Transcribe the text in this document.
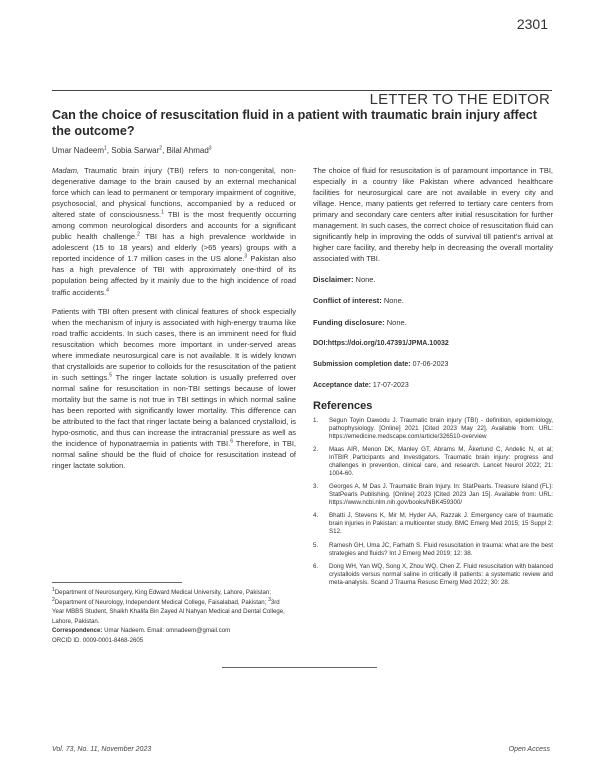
2301
LETTER TO THE EDITOR
Can the choice of resuscitation fluid in a patient with traumatic brain injury affect the outcome?
Umar Nadeem$^1$, Sobia Sarwar$^2$, Bilal Ahmad$^3$

Madam, Traumatic brain injury (TBI) refers to non-congenital, non-degenerative damage to the brain caused by an external mechanical force which can lead to permanent or temporary impairment of cognitive, psychosocial, and physical functions, accompanied by a reduced or altered state of consciousness.$^1$ TBI is the most frequently occurring among common neurological disorders and accounts for a significant public health challenge.$^2$ TBI has a high prevalence worldwide in adolescent (15 to 18 years) and elderly (>65 years) groups with a reported incidence of 1.7 million cases in the US alone.$^3$ Pakistan also has a high prevalence of TBI with approximately one-third of its population being affected by it mainly due to the high incidence of road traffic accidents.$^4$

Patients with TBI often present with clinical features of shock especially when the mechanism of injury is associated with high-energy trauma like road traffic accidents. In such cases, there is an imminent need for fluid resuscitation which becomes more important in under-served areas where immediate neurosurgical care is not available. It is widely known that crystalloids are superior to colloids for the resuscitation of the patient in such settings.$^5$ The ringer lactate solution is usually preferred over normal saline for resuscitation in non-TBI settings because of lower mortality but the same is not true in TBI settings in which normal saline has been reported with significantly lower mortality. This difference can be attributed to the fact that ringer lactate being a balanced crystalloid, is hypo-osmotic, and thus can increase the intracranial pressure as well as the incidence of hyponatraemia in patients with TBI.$^6$ Therefore, in TBI, normal saline should be the fluid of choice for resuscitation instead of ringer lactate solution.

$^1$Department of Neurosurgery, King Edward Medical University, Lahore, Pakistan; $^2$Department of Neurology, Independent Medical College, Faisalabad, Pakistan; $^3$3rd Year MBBS Student, Shaikh Khalifa Bin Zayed Al Nahyan Medical and Dental College, Lahore, Pakistan.
Correspondence: Umar Nadeem. Email: omnadeem@gmail.com
ORCID ID. 0009-0001-8468-2605

The choice of fluid for resuscitation is of paramount importance in TBI, especially in a country like Pakistan where advanced healthcare facilities for neurosurgical care are not available in every city and village. Hence, many patients get referred to tertiary care centers from primary and secondary care centers after initial resuscitation for further management. In such cases, the correct choice of resuscitation fluid can significantly help in improving the odds of survival till patient's arrival at higher care facility, and thereby help in decreasing the overall mortality associated with TBI.

Disclaimer: None.

Conflict of interest: None.

Funding disclosure: None.

DOI:https://doi.org/10.47391/JPMA.10032

Submission completion date: 07-06-2023

Acceptance date: 17-07-2023

References
1.	Segun Toyin Dawodu J. Traumatic brain injury (TBI) - definition, epidemiology, pathophysiology. [Online] 2021 [Cited 2023 May 22]. Available from: URL: https://emedicine.medscape.com/article/326510-overview
2.	Maas AIR, Menon DK, Manley GT, Abrams M, Åkerlund C, Andelic N, et al; InTBIR Participants and Investigators. Traumatic brain injury: progress and challenges in prevention, clinical care, and research. Lancet Neurol 2022; 21: 1004-60.
3.	Georges A, M Das J. Traumatic Brain Injury. In: StatPearls. Treasure Island (FL): StatPearls Publishing. [Online] 2023 [Cited 2023 Jan 15]. Available from: URL: https://www.ncbi.nlm.nih.gov/books/NBK459300/
4.	Bhatti J, Stevens K, Mir M, Hyder AA, Razzak J. Emergency care of traumatic brain injuries in Pakistan: a multicenter study. BMC Emerg Med 2015; 15 Suppl 2: S12.
5.	Ramesh GH, Uma JC, Farhath S. Fluid resuscitation in trauma: what are the best strategies and fluids? Int J Emerg Med 2019; 12: 38.
6.	Dong WH, Yan WQ, Song X, Zhou WQ, Chen Z. Fluid resuscitation with balanced crystalloids versus normal saline in critically ill patients: a systematic review and meta-analysis. Scand J Trauma Resusc Emerg Med 2022; 30: 28.
Vol. 73, No. 11, November 2023	Open Access
